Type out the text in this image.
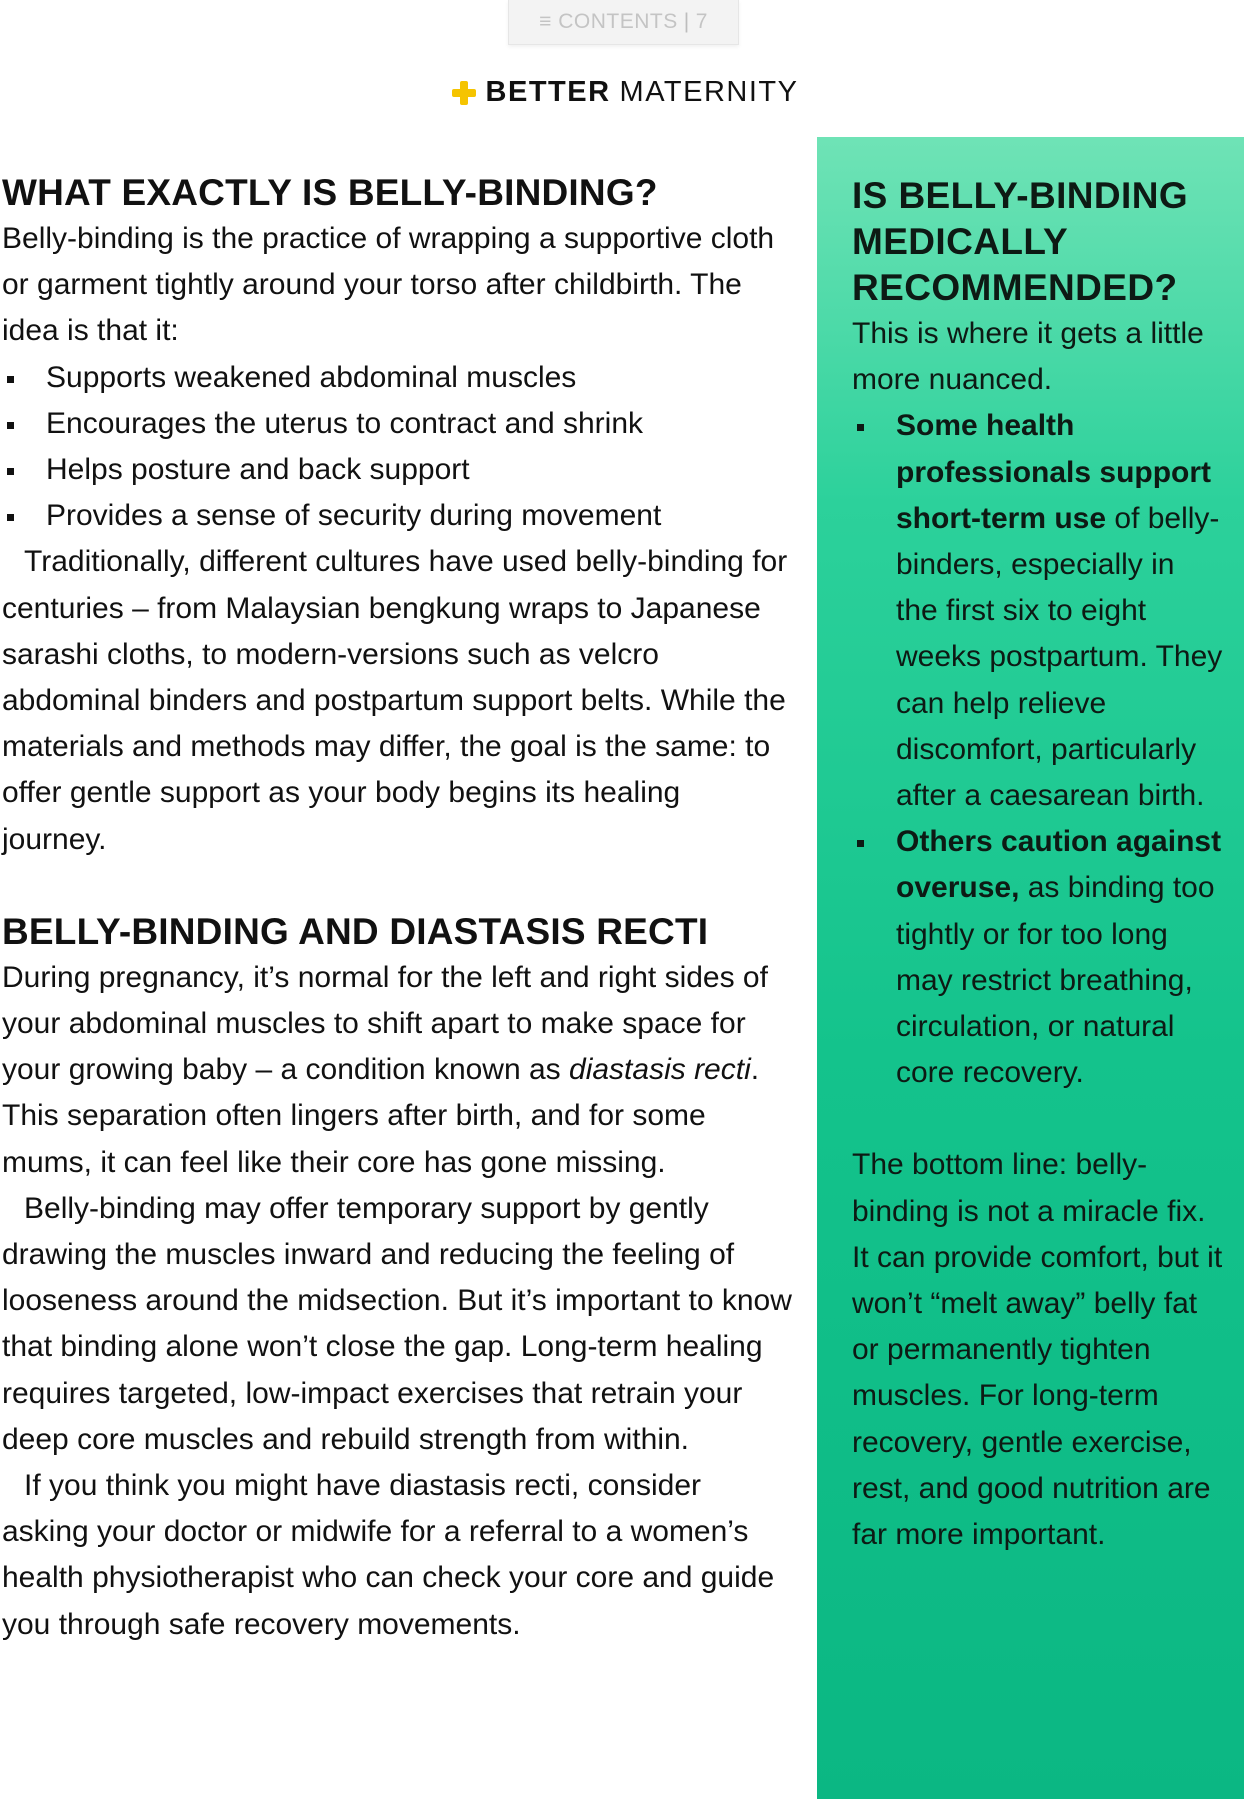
≡ CONTENTS | 7
BETTER MATERNITY
WHAT EXACTLY IS BELLY-BINDING?

Belly-binding is the practice of wrapping a supportive cloth or garment tightly around your torso after childbirth. The idea is that it:

Supports weakened abdominal muscles
Encourages the uterus to contract and shrink
Helps posture and back support
Provides a sense of security during movement

Traditionally, different cultures have used belly-binding for centuries – from Malaysian bengkung wraps to Japanese sarashi cloths, to modern-versions such as velcro abdominal binders and postpartum support belts. While the materials and methods may differ, the goal is the same: to offer gentle support as your body begins its healing journey.

BELLY-BINDING AND DIASTASIS RECTI

During pregnancy, it’s normal for the left and right sides of your abdominal muscles to shift apart to make space for your growing baby – a condition known as diastasis recti. This separation often lingers after birth, and for some mums, it can feel like their core has gone missing.

Belly-binding may offer temporary support by gently drawing the muscles inward and reducing the feeling of looseness around the midsection. But it’s important to know that binding alone won’t close the gap. Long-term healing requires targeted, low-impact exercises that retrain your deep core muscles and rebuild strength from within.

If you think you might have diastasis recti, consider asking your doctor or midwife for a referral to a women’s health physiotherapist who can check your core and guide you through safe recovery movements.

IS BELLY-BINDING MEDICALLY RECOMMENDED?

This is where it gets a little more nuanced.

Some health professionals support short-term use of belly-binders, especially in the first six to eight weeks postpartum. They can help relieve discomfort, particularly after a caesarean birth.
Others caution against overuse, as binding too tightly or for too long may restrict breathing, circulation, or natural core recovery.

The bottom line: belly-binding is not a miracle fix. It can provide comfort, but it won’t “melt away” belly fat or permanently tighten muscles. For long-term recovery, gentle exercise, rest, and good nutrition are far more important.
